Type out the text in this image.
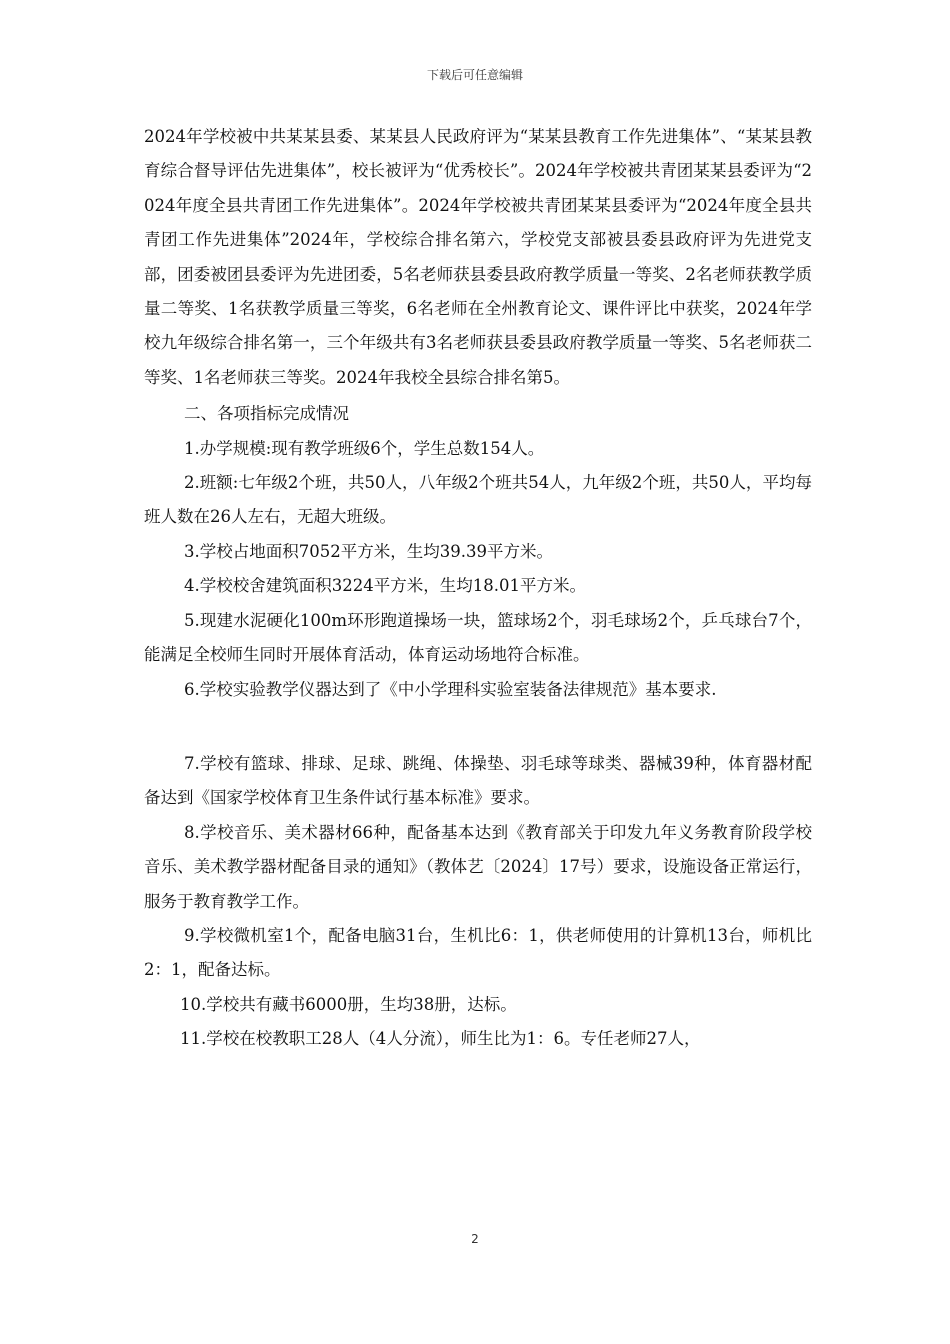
下载后可任意编辑

2024年学校被中共某某县委、某某县人民政府评为“某某县教育工作先进集体”、“某某县教育综合督导评估先进集体”，校长被评为“优秀校长”。2024年学校被共青团某某县委评为“2024年度全县共青团工作先进集体”。2024年学校被共青团某某县委评为“2024年度全县共青团工作先进集体”2024年，学校综合排名第六，学校党支部被县委县政府评为先进党支部，团委被团县委评为先进团委，5名老师获县委县政府教学质量一等奖、2名老师获教学质量二等奖、1名获教学质量三等奖，6名老师在全州教育论文、课件评比中获奖，2024年学校九年级综合排名第一，三个年级共有3名老师获县委县政府教学质量一等奖、5名老师获二等奖、1名老师获三等奖。2024年我校全县综合排名第5。

二、各项指标完成情况

1.办学规模:现有教学班级6个，学生总数154人。

2.班额:七年级2个班，共50人，八年级2个班共54人，九年级2个班，共50人，平均每班人数在26人左右，无超大班级。

3.学校占地面积7052平方米，生均39.39平方米。

4.学校校舍建筑面积3224平方米，生均18.01平方米。

5.现建水泥硬化100m环形跑道操场一块，篮球场2个，羽毛球场2个，乒乓球台7个，能满足全校师生同时开展体育活动，体育运动场地符合标准。

6.学校实验教学仪器达到了《中小学理科实验室装备法律规范》基本要求.

7.学校有篮球、排球、足球、跳绳、体操垫、羽毛球等球类、器械39种，体育器材配备达到《国家学校体育卫生条件试行基本标准》要求。

8.学校音乐、美术器材66种，配备基本达到《教育部关于印发九年义务教育阶段学校音乐、美术教学器材配备目录的通知》（教体艺〔2024〕17号）要求，设施设备正常运行，服务于教育教学工作。

9.学校微机室1个，配备电脑31台，生机比6：1，供老师使用的计算机13台，师机比2：1，配备达标。

10.学校共有藏书6000册，生均38册，达标。

11.学校在校教职工28人（4人分流），师生比为1：6。专任老师27人，

2
